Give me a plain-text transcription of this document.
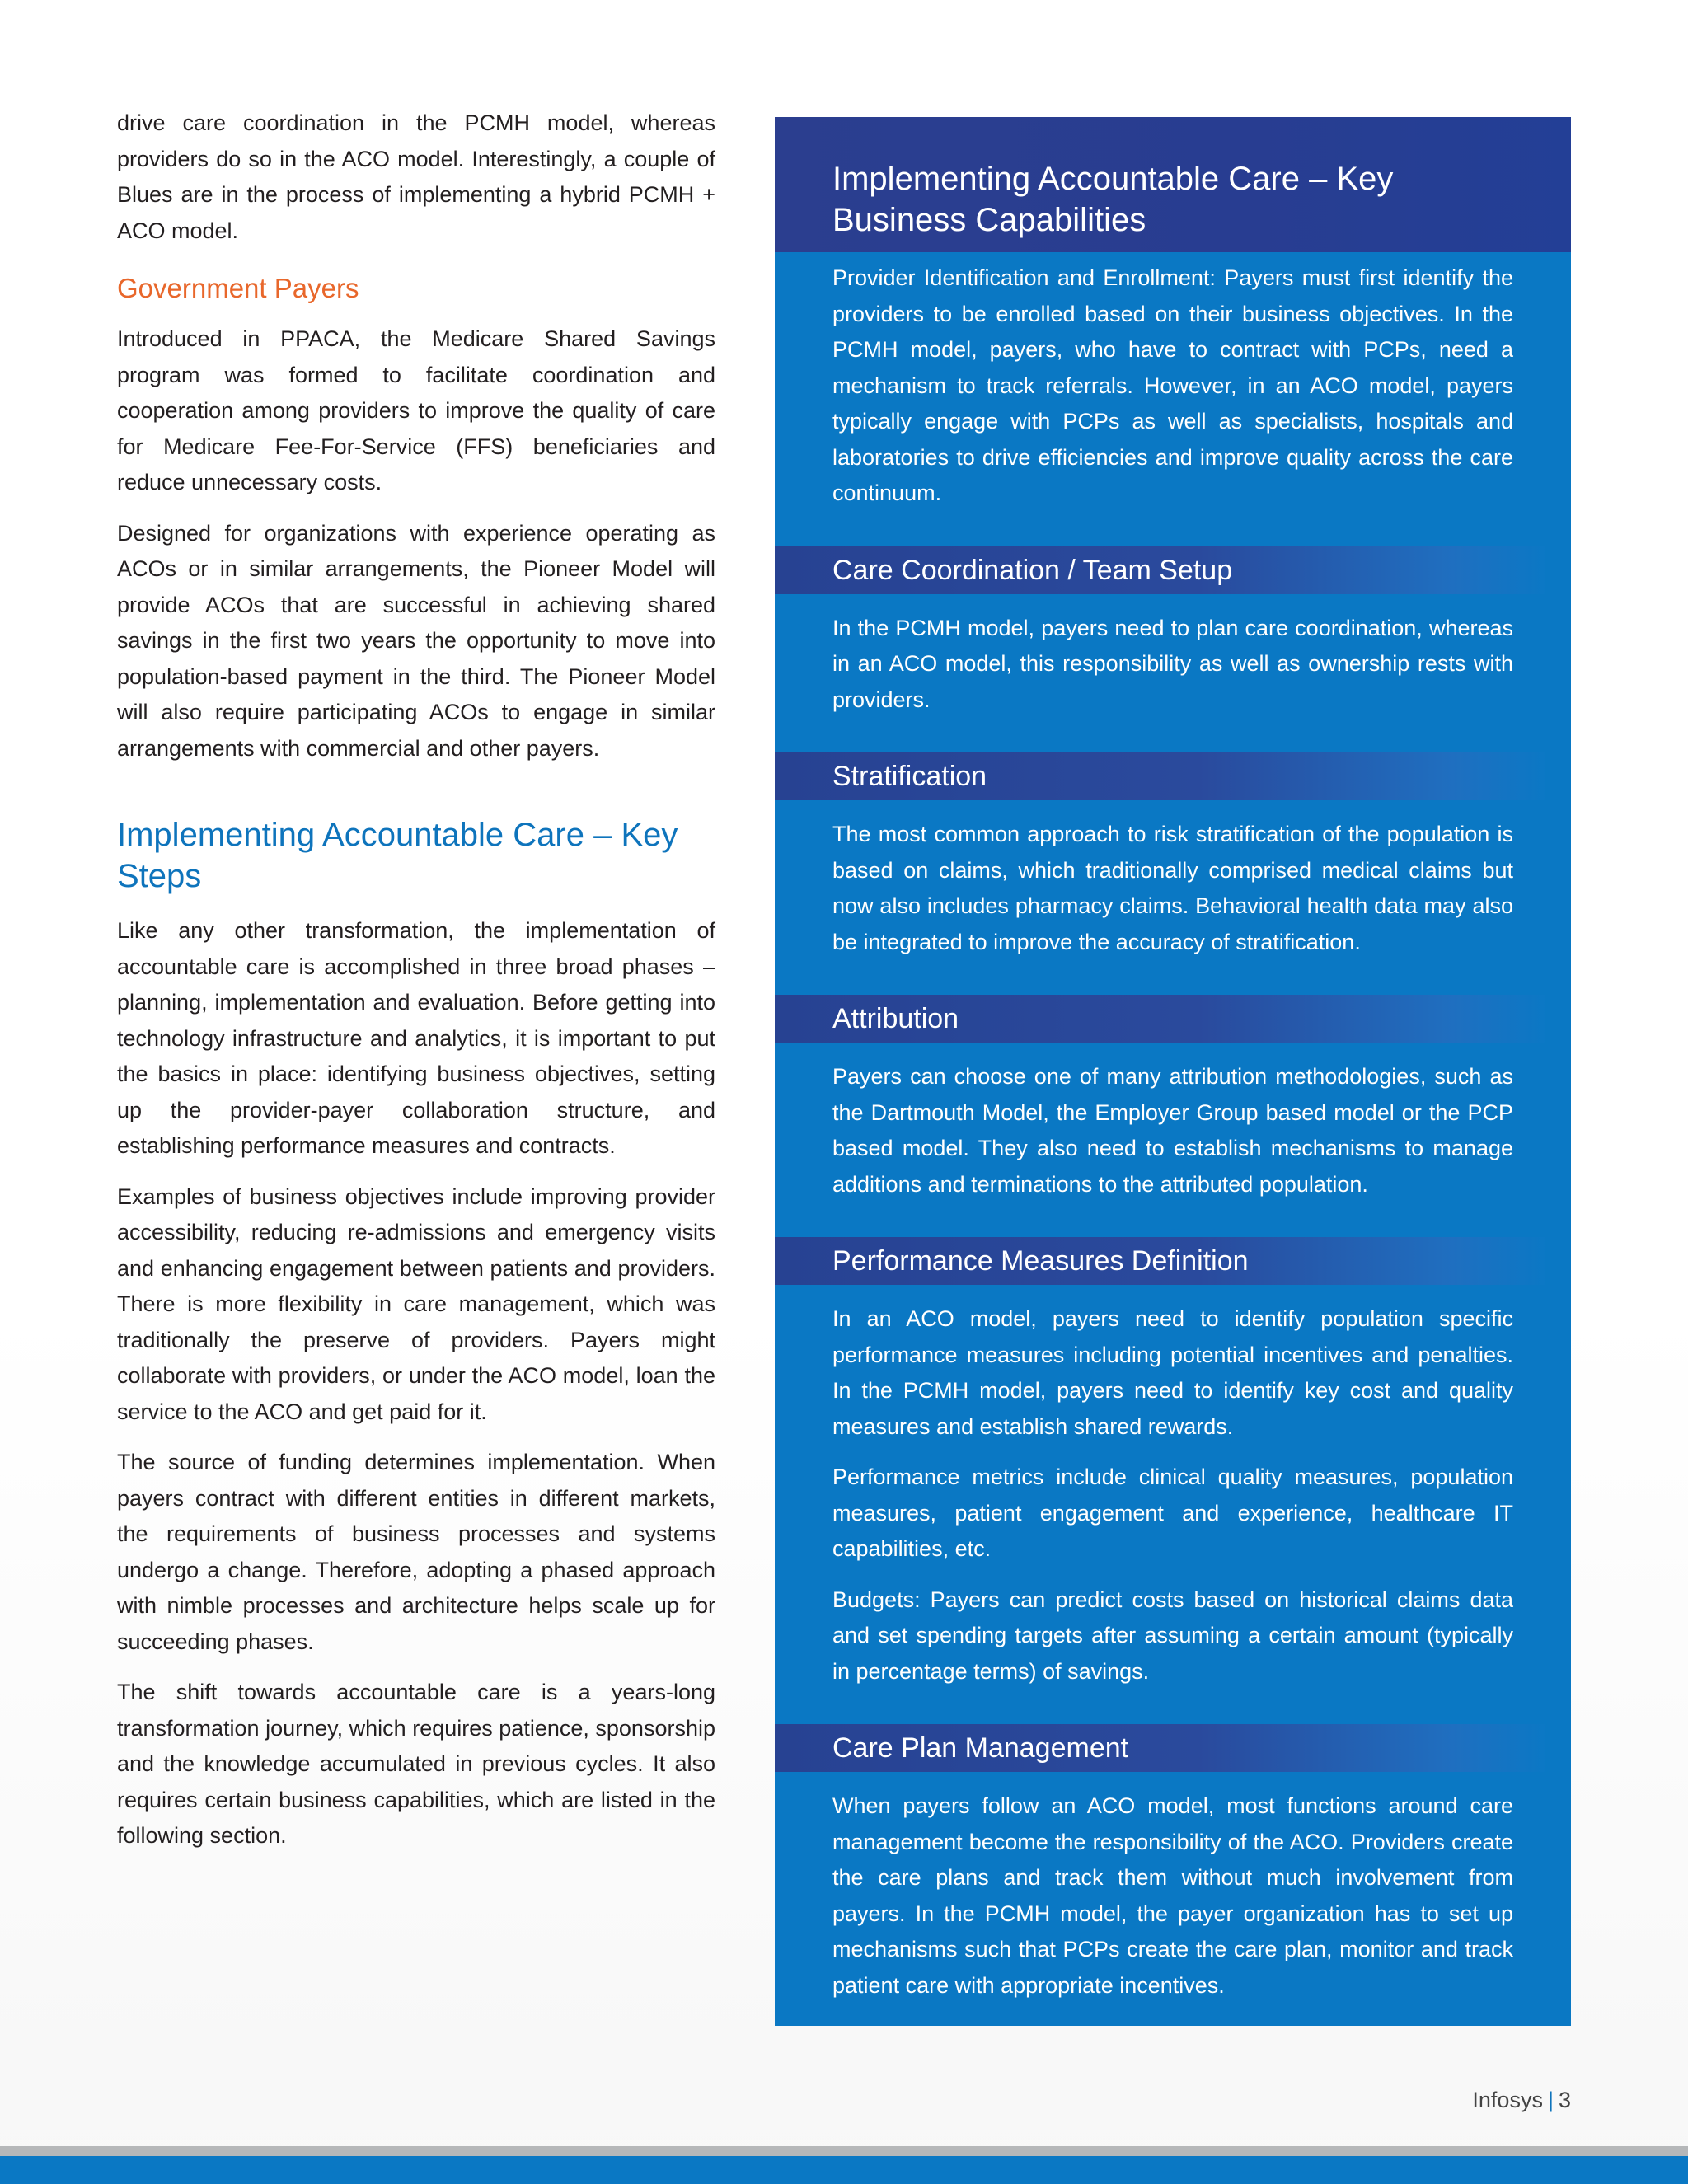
drive care coordination in the PCMH model, whereas providers do so in the ACO model. Interestingly, a couple of Blues are in the process of implementing a hybrid PCMH + ACO model.

Government Payers

Introduced in PPACA, the Medicare Shared Savings program was formed to facilitate coordination and cooperation among providers to improve the quality of care for Medicare Fee-For-Service (FFS) beneficiaries and reduce unnecessary costs.

Designed for organizations with experience operating as ACOs or in similar arrangements, the Pioneer Model will provide ACOs that are successful in achieving shared savings in the first two years the opportunity to move into population-based payment in the third. The Pioneer Model will also require participating ACOs to engage in similar arrangements with commercial and other payers.

Implementing Accountable Care – Key Steps

Like any other transformation, the implementation of accountable care is accomplished in three broad phases – planning, implementation and evaluation. Before getting into technology infrastructure and analytics, it is important to put the basics in place: identifying business objectives, setting up the provider-payer collaboration structure, and establishing performance measures and contracts.

Examples of business objectives include improving provider accessibility, reducing re-admissions and emergency visits and enhancing engagement between patients and providers. There is more flexibility in care management, which was traditionally the preserve of providers. Payers might collaborate with providers, or under the ACO model, loan the service to the ACO and get paid for it.

The source of funding determines implementation. When payers contract with different entities in different markets, the requirements of business processes and systems undergo a change. Therefore, adopting a phased approach with nimble processes and architecture helps scale up for succeeding phases.

The shift towards accountable care is a years-long transformation journey, which requires patience, sponsorship and the knowledge accumulated in previous cycles. It also requires certain business capabilities, which are listed in the following section.

Implementing Accountable Care – Key Business Capabilities

Provider Identification and Enrollment: Payers must first identify the providers to be enrolled based on their business objectives. In the PCMH model, payers, who have to contract with PCPs, need a mechanism to track referrals. However, in an ACO model, payers typically engage with PCPs as well as specialists, hospitals and laboratories to drive efficiencies and improve quality across the care continuum.

Care Coordination / Team Setup

In the PCMH model, payers need to plan care coordination, whereas in an ACO model, this responsibility as well as ownership rests with providers.

Stratification

The most common approach to risk stratification of the population is based on claims, which traditionally comprised medical claims but now also includes pharmacy claims. Behavioral health data may also be integrated to improve the accuracy of stratification.

Attribution

Payers can choose one of many attribution methodologies, such as the Dartmouth Model, the Employer Group based model or the PCP based model. They also need to establish mechanisms to manage additions and terminations to the attributed population.

Performance Measures Definition

In an ACO model, payers need to identify population specific performance measures including potential incentives and penalties. In the PCMH model, payers need to identify key cost and quality measures and establish shared rewards.

Performance metrics include clinical quality measures, population measures, patient engagement and experience, healthcare IT capabilities, etc.

Budgets: Payers can predict costs based on historical claims data and set spending targets after assuming a certain amount (typically in percentage terms) of savings.

Care Plan Management

When payers follow an ACO model, most functions around care management become the responsibility of the ACO. Providers create the care plans and track them without much involvement from payers. In the PCMH model, the payer organization has to set up mechanisms such that PCPs create the care plan, monitor and track patient care with appropriate incentives.

Infosys | 3
